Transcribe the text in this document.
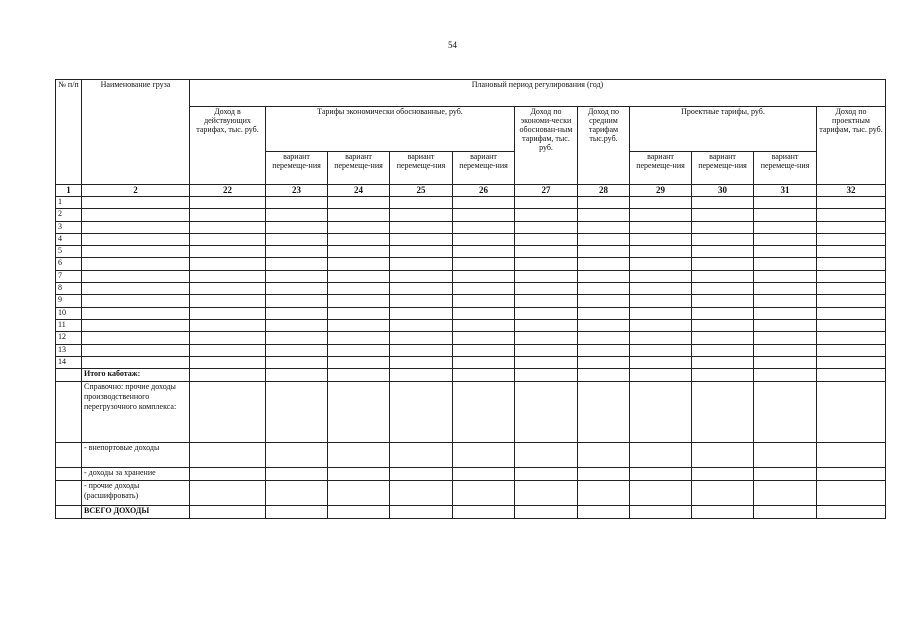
54
№ п/п	Наименование груза	Плановый период регулирования (год)										
		Доход в действующих тарифах, тыс. руб.	Тарифы экономически обоснованные, руб.				Доход по экономи-чески обоснован-ным тарифам, тыс. руб.	Доход по средним тарифам тыс.руб.	Проектные тарифы, руб.			Доход по проектным тарифам, тыс. руб.
			вариант перемеще-ния	вариант перемеще-ния	вариант перемеще-ния	вариант перемеще-ния			вариант перемеще-ния	вариант перемеще-ния	вариант перемеще-ния	
1	2	22	23	24	25	26	27	28	29	30	31	32
1												
2												
3												
4												
5												
6												
7												
8												
9												
10												
11												
12												
13												
14												
	Итого каботаж:											
	Справочно: прочие доходы производственного перегрузочного комплекса:											
	- внепортовые доходы											
	- доходы за хранение											
	- прочие доходы (расшифровать)											
	ВСЕГО ДОХОДЫ											
